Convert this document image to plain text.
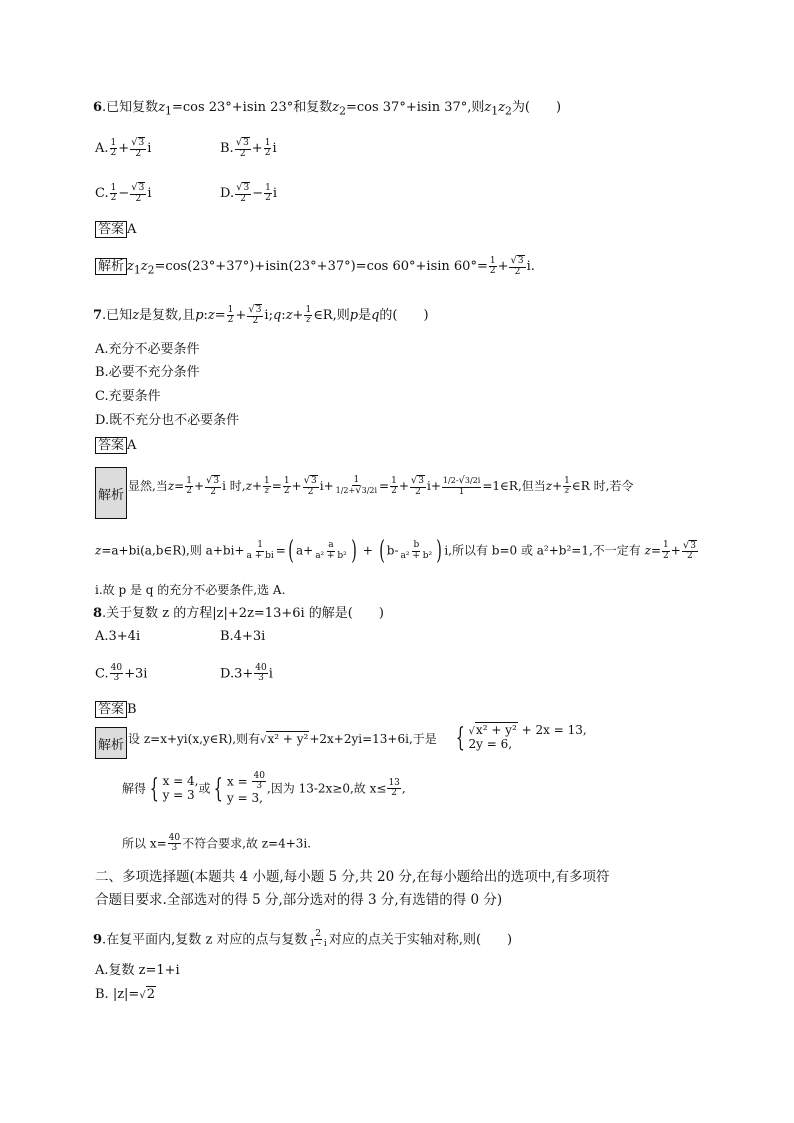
6.已知复数$z_1=\cos$ 23°+isin 23°和复数$z_2=\cos$ 37°+isin 37°,则$z_1z_2$为(　　)
A. $\frac{1}{2} + \frac{√3}{2}$ i	B. $\frac{√3}{2} + \frac{1}{2}$ i
C. $\frac{1}{2} - \frac{√3}{2}$ i	D. $\frac{√3}{2} - \frac{1}{2}$ i
答案 A
解析 $z_1z_2=\cos(23^\circ+37^\circ)+isin(23^\circ+37^\circ)=\cos$ 60°+isin $60^\circ= \frac{1}{2} + \frac{√3}{2} i$.
7.已知z是复数,且p:z= $\frac{1}{2} + \frac{√3}{2}$ i;q:z+ $\frac{1}{z}$ ∈R,则p是q的(　　)
A.充分不必要条件
B.必要不充分条件
C.充要条件
D.既不充分也不必要条件
答案 A
解析
显然,当$z= \frac{1}{2} + \frac{√3}{2}$ i 时$,z+ \frac{1}{z} = \frac{1}{2} + \frac{√3}{2} i+ \frac{1}{1/2+√3/2i} = \frac{1}{2} + \frac{√3}{2} i+ \frac{1/2-√3/2i}{1}$ =1∈R,但当$z+ \frac{1}{z}$ ∈R 时,若令
z=a+bi(a,b∈R),则 $a+bi+ \frac{1}{a + bi}$ =( $a+ \frac{a}{\text{a² + b²}}$ ) + ( $b- \frac{b}{\text{a² + b²}}$ ) i,所以有 b=0 或 a²+b²=1,不一定有 $z= \frac{1}{2} + \frac{√3}{2}$
i.故 p 是 q 的充分不必要条件,选 A.
8.关于复数 z 的方程|z|+2z=13+6i 的解是(　　)
A.3+4i	B.4+3i
C. $\frac{40}{3} +3i$	$D.3+ \frac{40}{3}$ i
答案 B
解析 设 z=x+yi(x,y∈R),则有√x² + y²+2x+2yi=13+6i,于是 { √x² + y² + 2x = 13,
2y = 6,
解得 { x = 4,
y = 3 或 { $x = \frac{40}{3}$
y = 3,
,因为 13-2x≥0,故 $x\le \frac{13}{2}$ ,
所以 $x= \frac{40}{3}$ 不符合要求,故 z=4+3i.
二、多项选择题(本题共 4 小题,每小题 5 分,共 20 分,在每小题给出的选项中,有多项符
合题目要求.全部选对的得 5 分,部分选对的得 3 分,有选错的得 0 分)
9.在复平面内,复数 z 对应的点与复数 $\frac{2}{1 - i}$ 对应的点关于实轴对称,则(　　)
A.复数 z=1+i
B. |z|=√2
